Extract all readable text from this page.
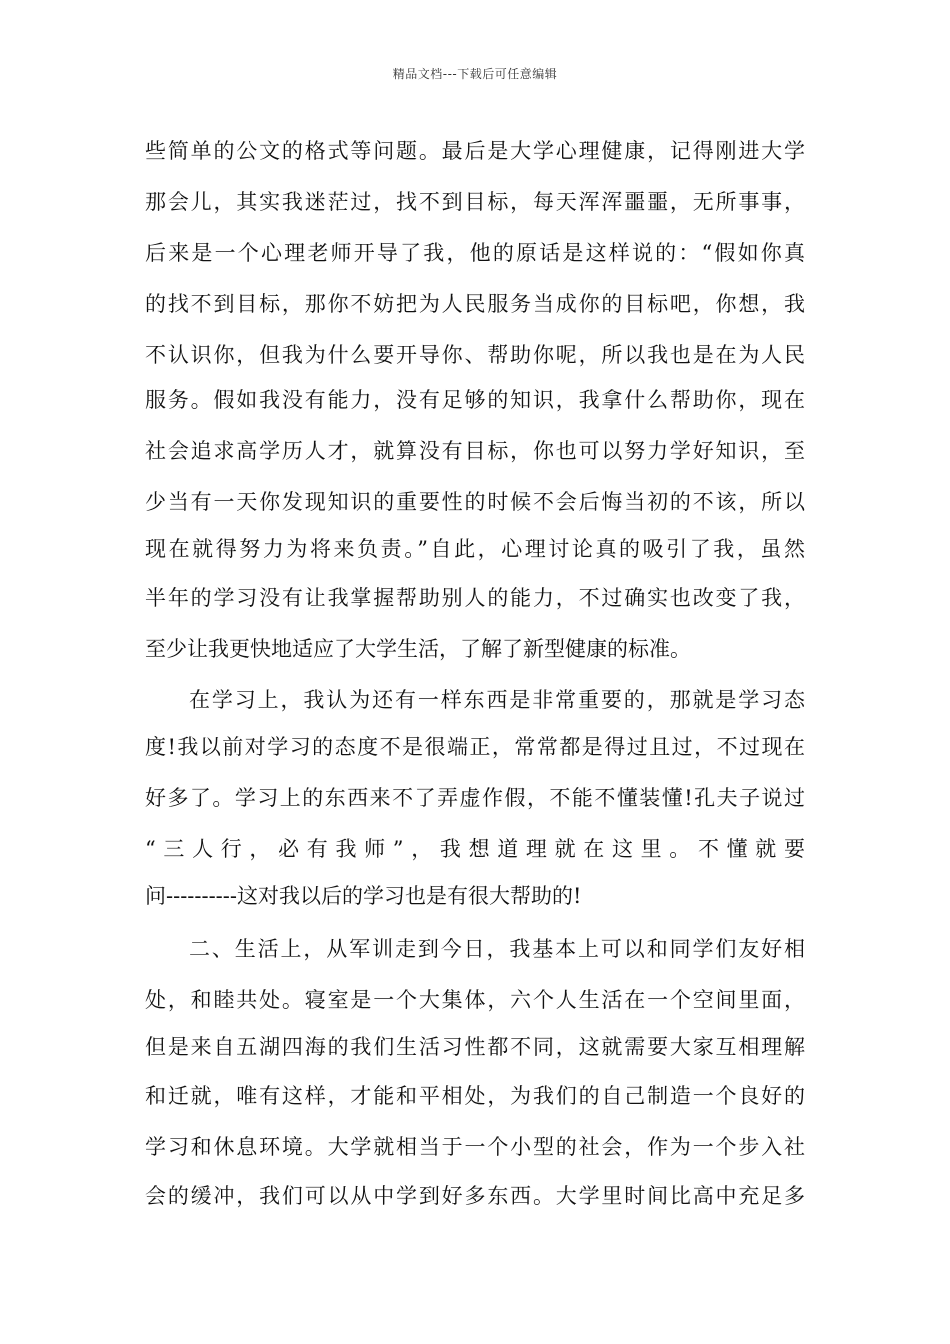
精品文档---下载后可任意编辑
些简单的公文的格式等问题。最后是大学心理健康，记得刚进大学
那会儿，其实我迷茫过，找不到目标，每天浑浑噩噩，无所事事，
后来是一个心理老师开导了我，他的原话是这样说的：“假如你真
的找不到目标，那你不妨把为人民服务当成你的目标吧，你想，我
不认识你，但我为什么要开导你、帮助你呢，所以我也是在为人民
服务。假如我没有能力，没有足够的知识，我拿什么帮助你，现在
社会追求高学历人才，就算没有目标，你也可以努力学好知识，至
少当有一天你发现知识的重要性的时候不会后悔当初的不该，所以
现在就得努力为将来负责。”自此，心理讨论真的吸引了我，虽然
半年的学习没有让我掌握帮助别人的能力，不过确实也改变了我，
至少让我更快地适应了大学生活，了解了新型健康的标准。
在学习上，我认为还有一样东西是非常重要的，那就是学习态
度!我以前对学习的态度不是很端正，常常都是得过且过，不过现在
好多了。学习上的东西来不了弄虚作假，不能不懂装懂!孔夫子说过
“三人行，必有我师”，我想道理就在这里。不懂就要
问----------这对我以后的学习也是有很大帮助的!
二、生活上，从军训走到今日，我基本上可以和同学们友好相
处，和睦共处。寝室是一个大集体，六个人生活在一个空间里面，
但是来自五湖四海的我们生活习性都不同，这就需要大家互相理解
和迁就，唯有这样，才能和平相处，为我们的自己制造一个良好的
学习和休息环境。大学就相当于一个小型的社会，作为一个步入社
会的缓冲，我们可以从中学到好多东西。大学里时间比高中充足多
